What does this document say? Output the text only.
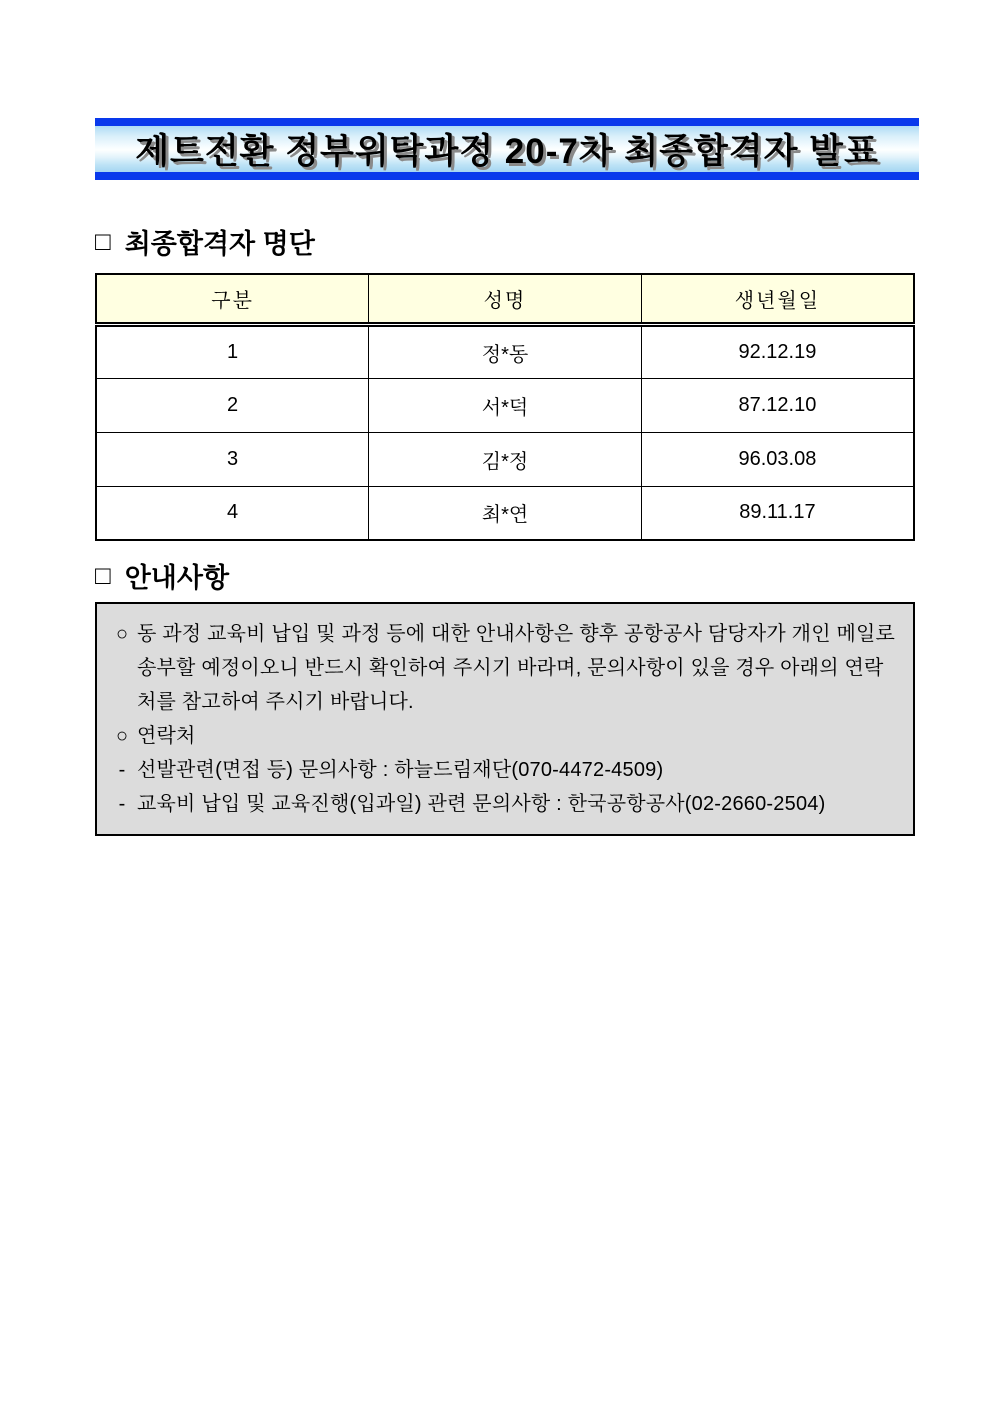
제트전환 정부위탁과정 20-7차 최종합격자 발표
□ 최종합격자 명단
구분	성명	생년월일
1	정*동	92.12.19
2	서*덕	87.12.10
3	김*정	96.03.08
4	최*연	89.11.17
□ 안내사항
○ 동 과정 교육비 납입 및 과정 등에 대한 안내사항은 향후 공항공사 담당자가 개인 메일로 송부할 예정이오니 반드시 확인하여 주시기 바라며, 문의사항이 있을 경우 아래의 연락처를 참고하여 주시기 바랍니다.
○ 연락처
- 선발관련(면접 등) 문의사항 : 하늘드림재단(070-4472-4509)
- 교육비 납입 및 교육진행(입과일) 관련 문의사항 : 한국공항공사(02-2660-2504)
